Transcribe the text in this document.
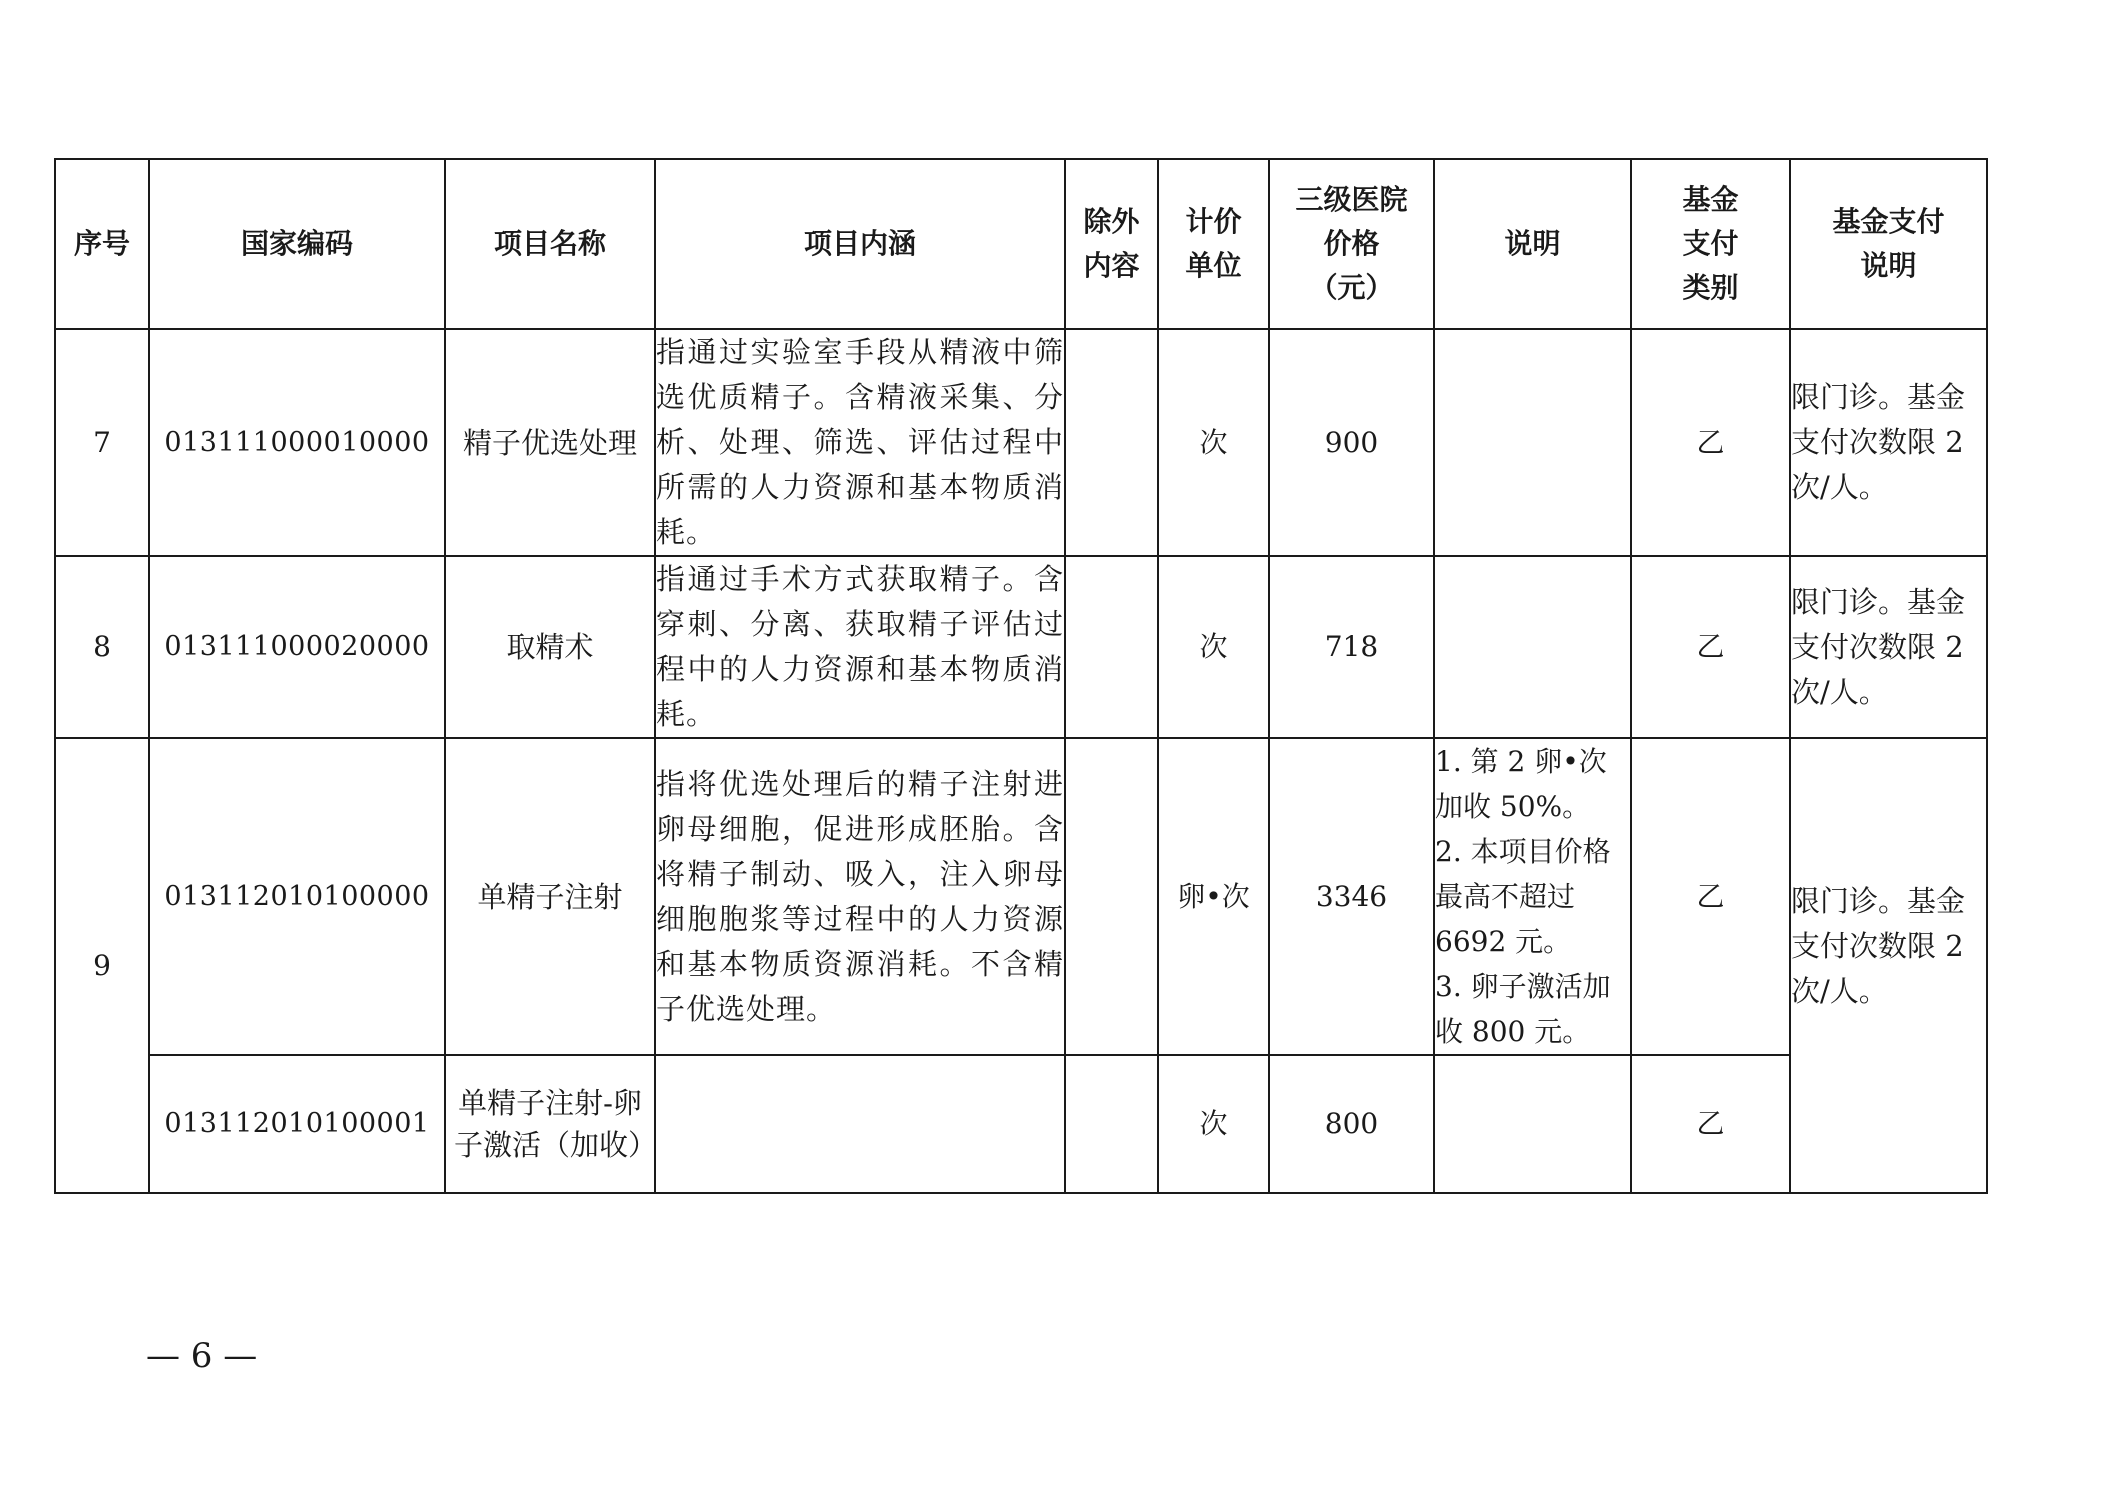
序号	国家编码	项目名称	项目内涵	除外内容	计价单位	三级医院价格（元）	说明	基金支付类别	基金支付说明
7	013111000010000	精子优选处理	指通过实验室手段从精液中筛选优质精子。含精液采集、分析、处理、筛选、评估过程中所需的人力资源和基本物质消耗。		次	900		乙	限门诊。基金支付次数限 2 次/人。
8	013111000020000	取精术	指通过手术方式获取精子。含穿刺、分离、获取精子评估过程中的人力资源和基本物质消耗。		次	718		乙	限门诊。基金支付次数限 2 次/人。
9	013112010100000	单精子注射	指将优选处理后的精子注射进卵母细胞，促进形成胚胎。含将精子制动、吸入，注入卵母细胞胞浆等过程中的人力资源和基本物质资源消耗。不含精子优选处理。		卵•次	3346	1. 第 2 卵•次加收 50%。
2. 本项目价格最高不超过 6692 元。
3. 卵子激活加收 800 元。	乙	限门诊。基金支付次数限 2 次/人。
	013112010100001	单精子注射-卵子激活（加收）			次	800		乙	
— 6 —
